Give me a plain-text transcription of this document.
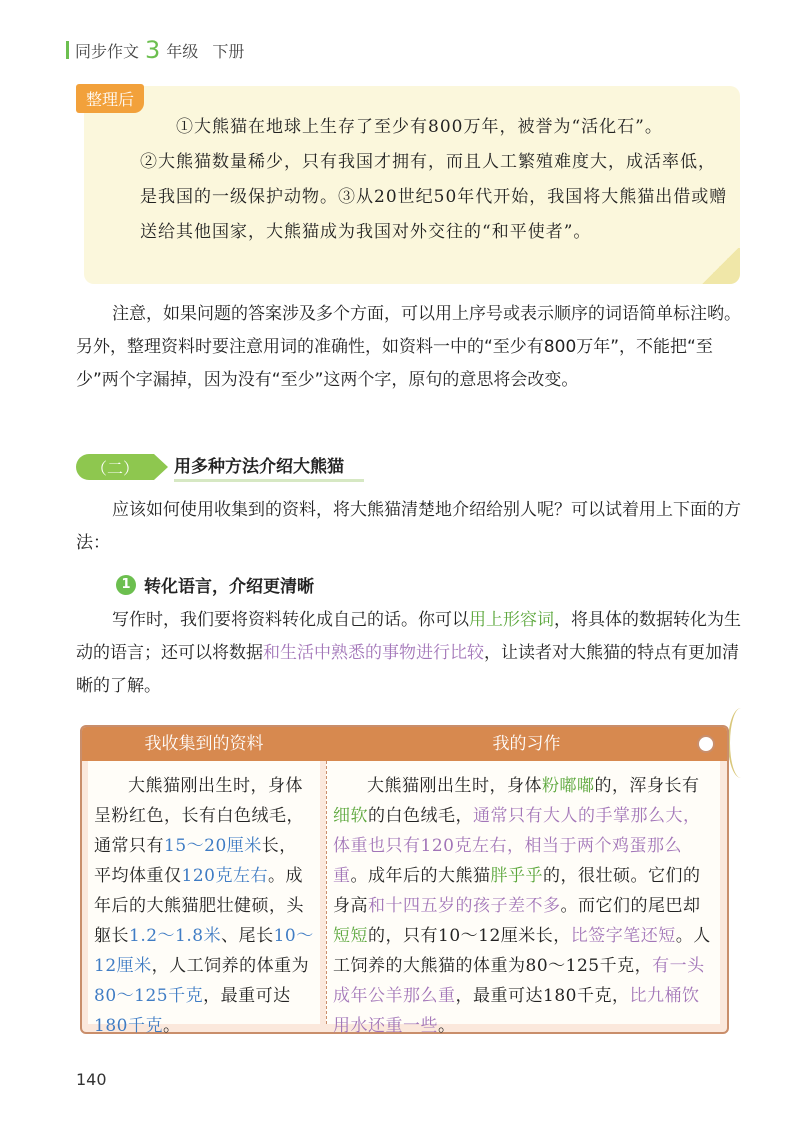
同步作文 3 年级 下册
整理后
①大熊猫在地球上生存了至少有800万年，被誉为“活化石”。
②大熊猫数量稀少，只有我国才拥有，而且人工繁殖难度大，成活率低，是我国的一级保护动物。③从20世纪50年代开始，我国将大熊猫出借或赠送给其他国家，大熊猫成为我国对外交往的“和平使者”。
注意，如果问题的答案涉及多个方面，可以用上序号或表示顺序的词语简单标注哟。另外，整理资料时要注意用词的准确性，如资料一中的“至少有800万年”，不能把“至少”两个字漏掉，因为没有“至少”这两个字，原句的意思将会改变。
（二）	用多种方法介绍大熊猫
应该如何使用收集到的资料，将大熊猫清楚地介绍给别人呢？可以试着用上下面的方法：
1 转化语言，介绍更清晰
写作时，我们要将资料转化成自己的话。你可以用上形容词，将具体的数据转化为生动的语言；还可以将数据和生活中熟悉的事物进行比较，让读者对大熊猫的特点有更加清晰的了解。
我收集到的资料	我的习作
大熊猫刚出生时，身体呈粉红色，长有白色绒毛，通常只有15～20厘米长，平均体重仅120克左右。成年后的大熊猫肥壮健硕，头躯长1.2～1.8米、尾长10～12厘米，人工饲养的体重为80～125千克，最重可达180千克。
大熊猫刚出生时，身体粉嘟嘟的，浑身长有细软的白色绒毛，通常只有大人的手掌那么大，体重也只有120克左右，相当于两个鸡蛋那么重。成年后的大熊猫胖乎乎的，很壮硕。它们的身高和十四五岁的孩子差不多。而它们的尾巴却短短的，只有10～12厘米长，比签字笔还短。人工饲养的大熊猫的体重为80～125千克，有一头成年公羊那么重，最重可达180千克，比九桶饮用水还重一些。
140
